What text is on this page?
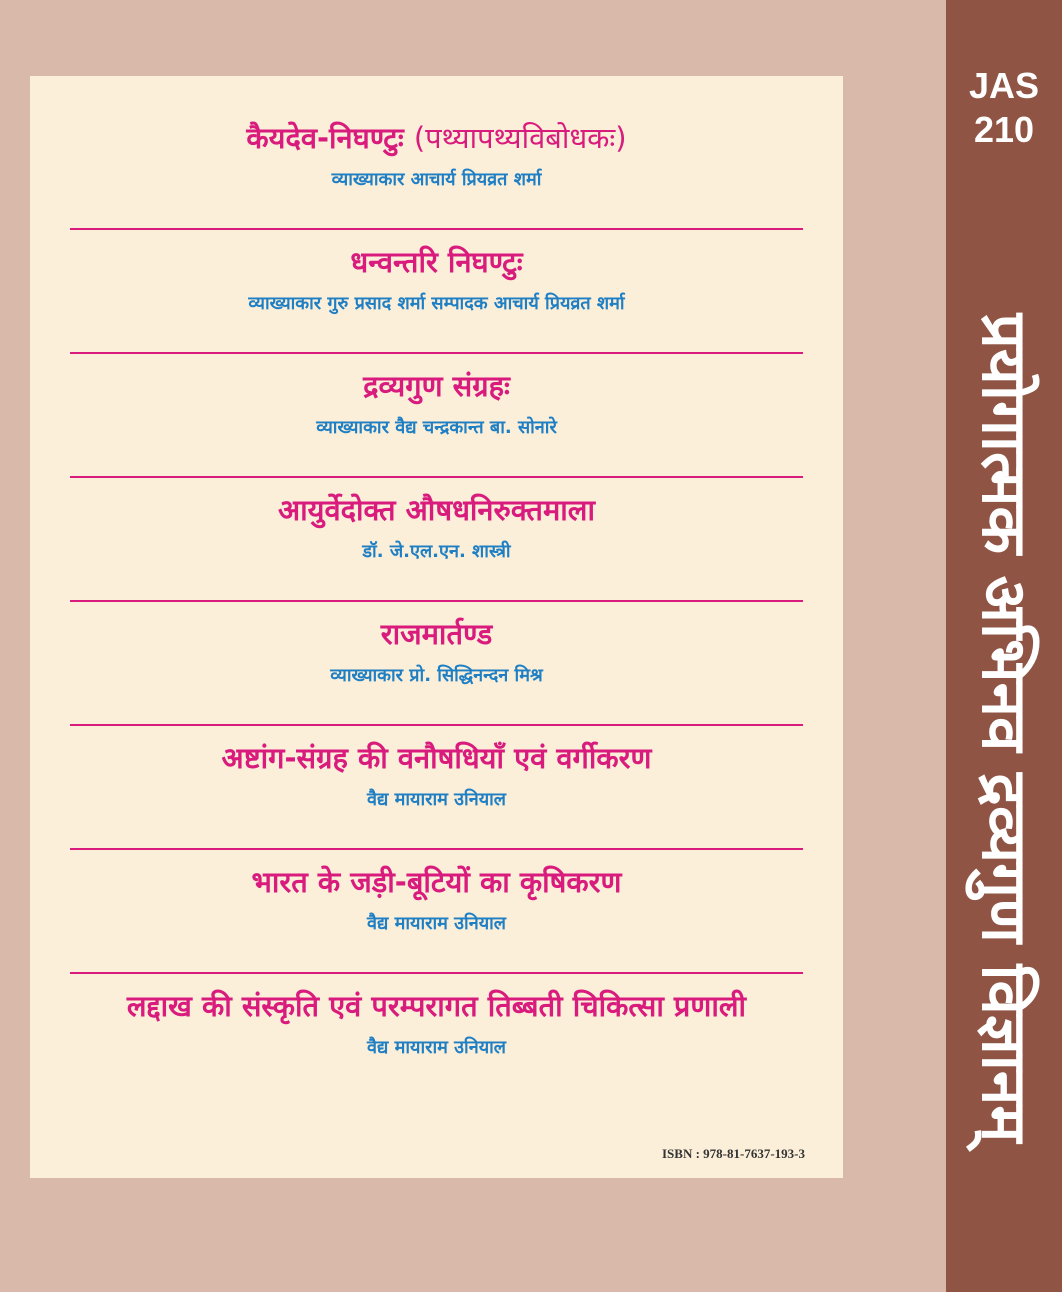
कैयदेव-निघण्टुः (पथ्यापथ्यविबोधकः)
व्याख्याकार आचार्य प्रियव्रत शर्मा
धन्वन्तरि निघण्टुः
व्याख्याकार गुरु प्रसाद शर्मा सम्पादक आचार्य प्रियव्रत शर्मा
द्रव्यगुण संग्रहः
व्याख्याकार वैद्य चन्द्रकान्त बा. सोनारे
आयुर्वेदोक्त औषधनिरुक्तमाला
डॉ. जे.एल.एन. शास्त्री
राजमार्तण्ड
व्याख्याकार प्रो. सिद्धिनन्दन मिश्र
अष्टांग-संग्रह की वनौषधियाँ एवं वर्गीकरण
वैद्य मायाराम उनियाल
भारत के जड़ी-बूटियों का कृषिकरण
वैद्य मायाराम उनियाल
लद्दाख की संस्कृति एवं परम्परागत तिब्बती चिकित्सा प्रणाली
वैद्य मायाराम उनियाल
ISBN : 978-81-7637-193-3
JAS
210
प्रयोगात्मक अभिनव द्रव्यगुण विज्ञानम्
